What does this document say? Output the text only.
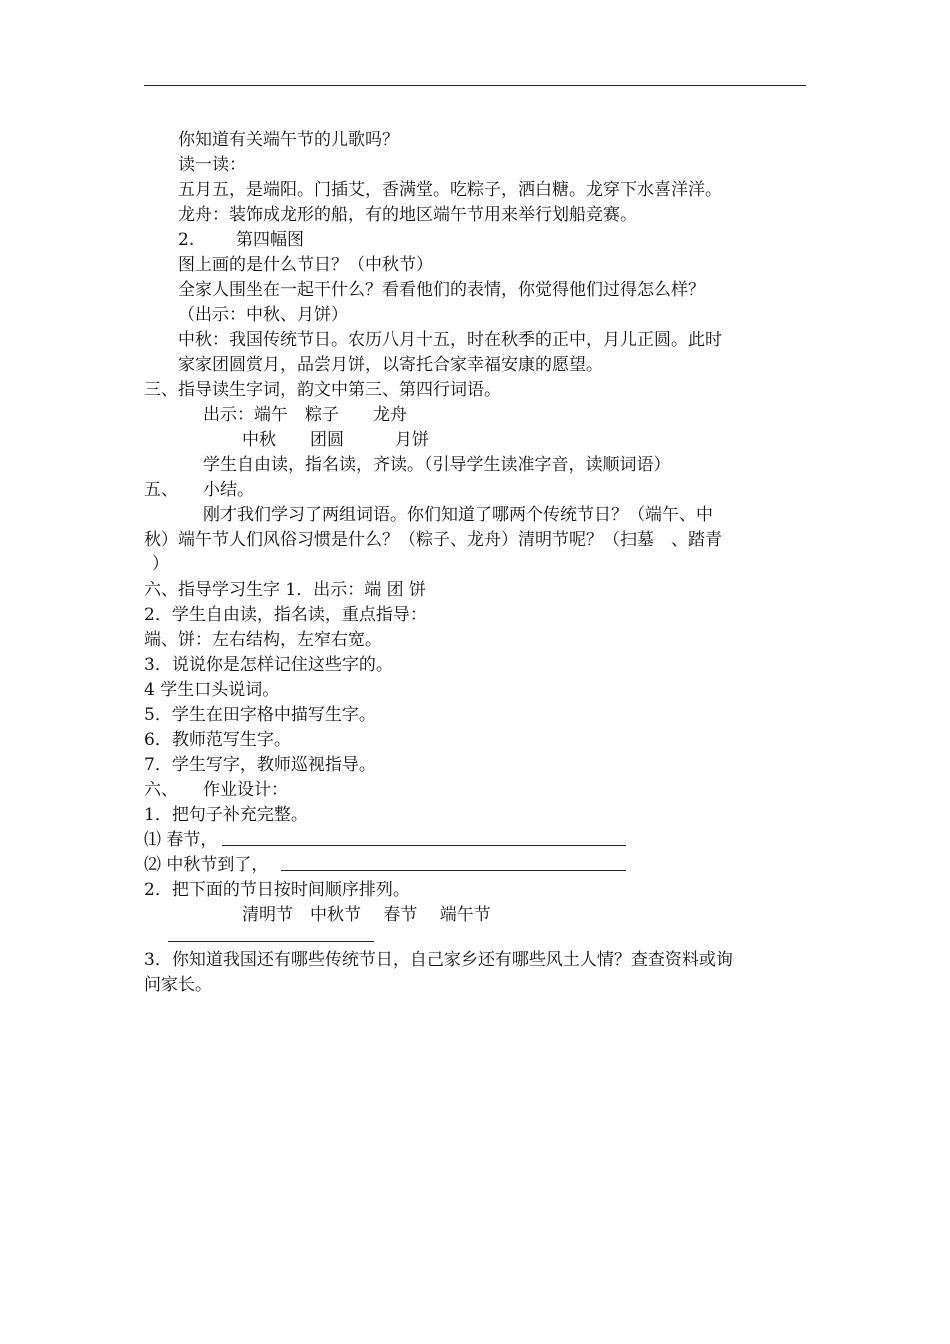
你知道有关端午节的儿歌吗？
读一读：
五月五，是端阳。门插艾，香满堂。吃粽子，洒白糖。龙穿下水喜洋洋。
龙舟：装饰成龙形的船，有的地区端午节用来举行划船竞赛。
2. 第四幅图
图上画的是什么节日？（中秋节）
全家人围坐在一起干什么？看看他们的表情，你觉得他们过得怎么样？
（出示：中秋、月饼）
中秋：我国传统节日。农历八月十五，时在秋季的正中，月儿正圆。此时
家家团圆赏月，品尝月饼，以寄托合家幸福安康的愿望。
三、指导读生字词，韵文中第三、第四行词语。
出示：端午　粽子　　龙舟
中秋　　团圆　　　月饼
学生自由读，指名读，齐读。（引导学生读准字音，读顺词语）
五、 小结。
刚才我们学习了两组词语。你们知道了哪两个传统节日？（端午、中
秋）端午节人们风俗习惯是什么？（粽子、龙舟）清明节呢？（扫墓　、踏青
）
六、指导学习生字 1．出示：端 团 饼
2．学生自由读，指名读，重点指导：
端、饼：左右结构，左窄右宽。
3．说说你是怎样记住这些字的。
4 学生口头说词。
5．学生在田字格中描写生字。
6．教师范写生字。
7．学生写字，教师巡视指导。
六、 作业设计：
1．把句子补充完整。
⑴ 春节，
⑵ 中秋节到了，
2．把下面的节日按时间顺序排列。
清明节　中秋节　 春节　 端午节
3．你知道我国还有哪些传统节日，自己家乡还有哪些风土人情？查查资料或询
问家长。
